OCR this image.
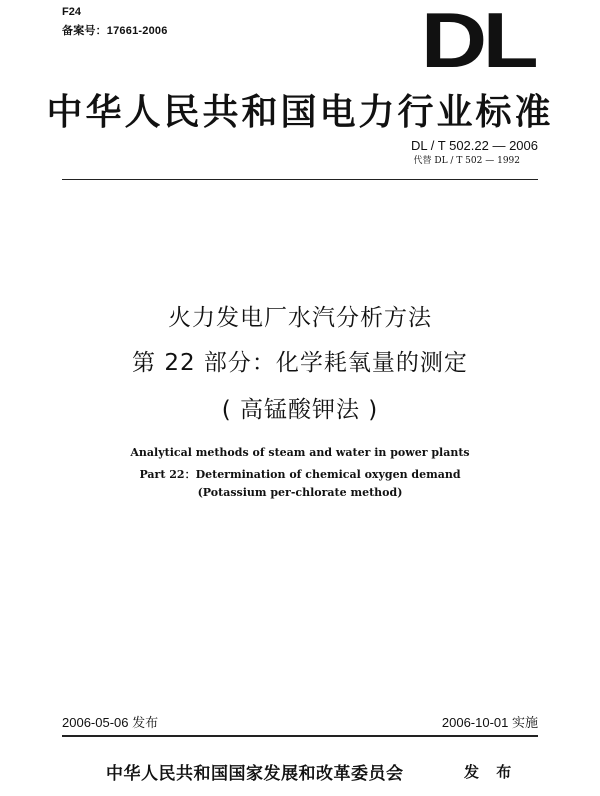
F24
备案号：17661-2006	DL
中华人民共和国电力行业标准
DL / T 502.22 — 2006
代替 DL / T 502 — 1992
火力发电厂水汽分析方法
第 22 部分：化学耗氧量的测定
( 高锰酸钾法 )
Analytical methods of steam and water in power plants
Part 22：Determination of chemical oxygen demand
(Potassium per-chlorate method)
2006-05-06 发布	2006-10-01 实施
中华人民共和国国家发展和改革委员会	发 布
